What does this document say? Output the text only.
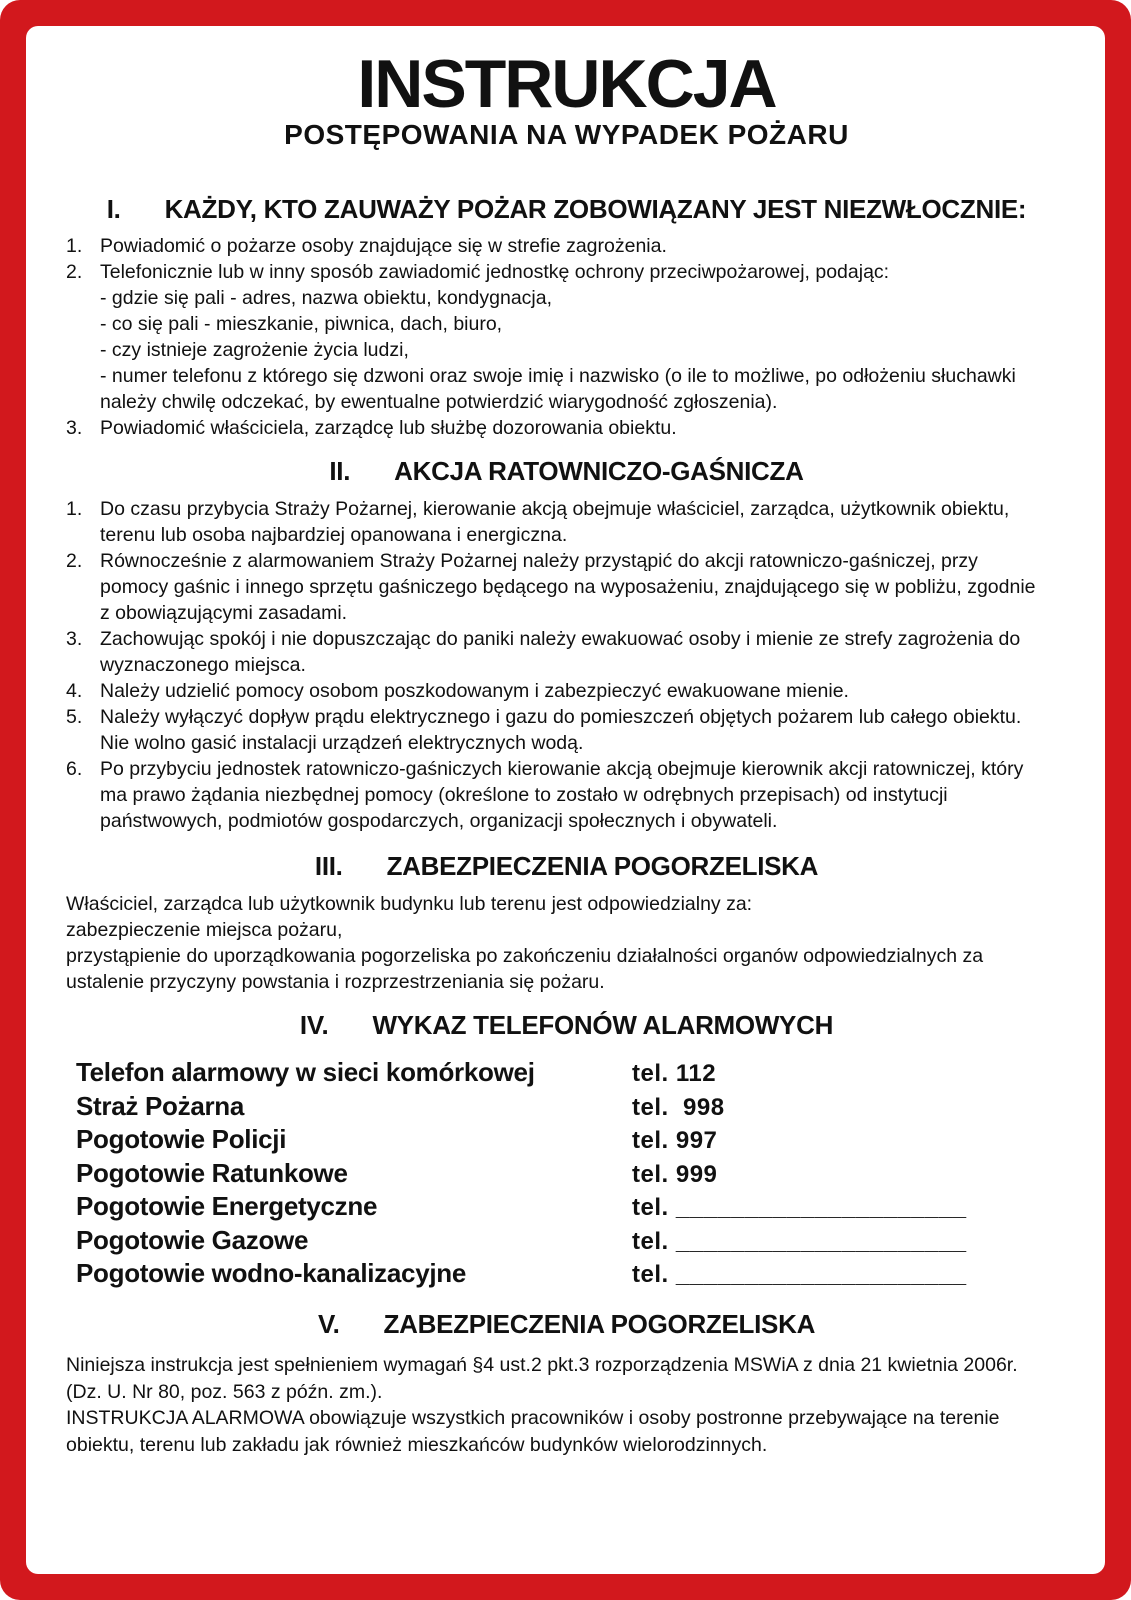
INSTRUKCJA
POSTĘPOWANIA NA WYPADEK POŻARU
I. KAŻDY, KTO ZAUWAŻY POŻAR ZOBOWIĄZANY JEST NIEZWŁOCZNIE:
1. Powiadomić o pożarze osoby znajdujące się w strefie zagrożenia.
2. Telefonicznie lub w inny sposób zawiadomić jednostkę ochrony przeciwpożarowej, podając:
- gdzie się pali - adres, nazwa obiektu, kondygnacja,
- co się pali - mieszkanie, piwnica, dach, biuro,
- czy istnieje zagrożenie życia ludzi,
- numer telefonu z którego się dzwoni oraz swoje imię i nazwisko (o ile to możliwe, po odłożeniu słuchawki należy chwilę odczekać, by ewentualne potwierdzić wiarygodność zgłoszenia).
3. Powiadomić właściciela, zarządcę lub służbę dozorowania obiektu.
II. AKCJA RATOWNICZO-GAŚNICZA
1. Do czasu przybycia Straży Pożarnej, kierowanie akcją obejmuje właściciel, zarządca, użytkownik obiektu, terenu lub osoba najbardziej opanowana i energiczna.
2. Równocześnie z alarmowaniem Straży Pożarnej należy przystąpić do akcji ratowniczo-gaśniczej, przy pomocy gaśnic i innego sprzętu gaśniczego będącego na wyposażeniu, znajdującego się w pobliżu, zgodnie z obowiązującymi zasadami.
3. Zachowując spokój i nie dopuszczając do paniki należy ewakuować osoby i mienie ze strefy zagrożenia do wyznaczonego miejsca.
4. Należy udzielić pomocy osobom poszkodowanym i zabezpieczyć ewakuowane mienie.
5. Należy wyłączyć dopływ prądu elektrycznego i gazu do pomieszczeń objętych pożarem lub całego obiektu. Nie wolno gasić instalacji urządzeń elektrycznych wodą.
6. Po przybyciu jednostek ratowniczo-gaśniczych kierowanie akcją obejmuje kierownik akcji ratowniczej, który ma prawo żądania niezbędnej pomocy (określone to zostało w odrębnych przepisach) od instytucji państwowych, podmiotów gospodarczych, organizacji społecznych i obywateli.
III. ZABEZPIECZENIA POGORZELISKA
Właściciel, zarządca lub użytkownik budynku lub terenu jest odpowiedzialny za:
zabezpieczenie miejsca pożaru,
przystąpienie do uporządkowania pogorzeliska po zakończeniu działalności organów odpowiedzialnych za ustalenie przyczyny powstania i rozprzestrzeniania się pożaru.
IV. WYKAZ TELEFONÓW ALARMOWYCH
Telefon alarmowy w sieci komórkowej	tel. 112
Straż Pożarna	tel.  998
Pogotowie Policji	tel. 997
Pogotowie Ratunkowe	tel. 999
Pogotowie Energetyczne	tel. _____________________
Pogotowie Gazowe	tel. _____________________
Pogotowie wodno-kanalizacyjne	tel. _____________________
V. ZABEZPIECZENIA POGORZELISKA
Niniejsza instrukcja jest spełnieniem wymagań §4 ust.2 pkt.3 rozporządzenia MSWiA z dnia 21 kwietnia 2006r.
(Dz. U. Nr 80, poz. 563 z późn. zm.).
INSTRUKCJA ALARMOWA obowiązuje wszystkich pracowników i osoby postronne przebywające na terenie obiektu, terenu lub zakładu jak również mieszkańców budynków wielorodzinnych.
